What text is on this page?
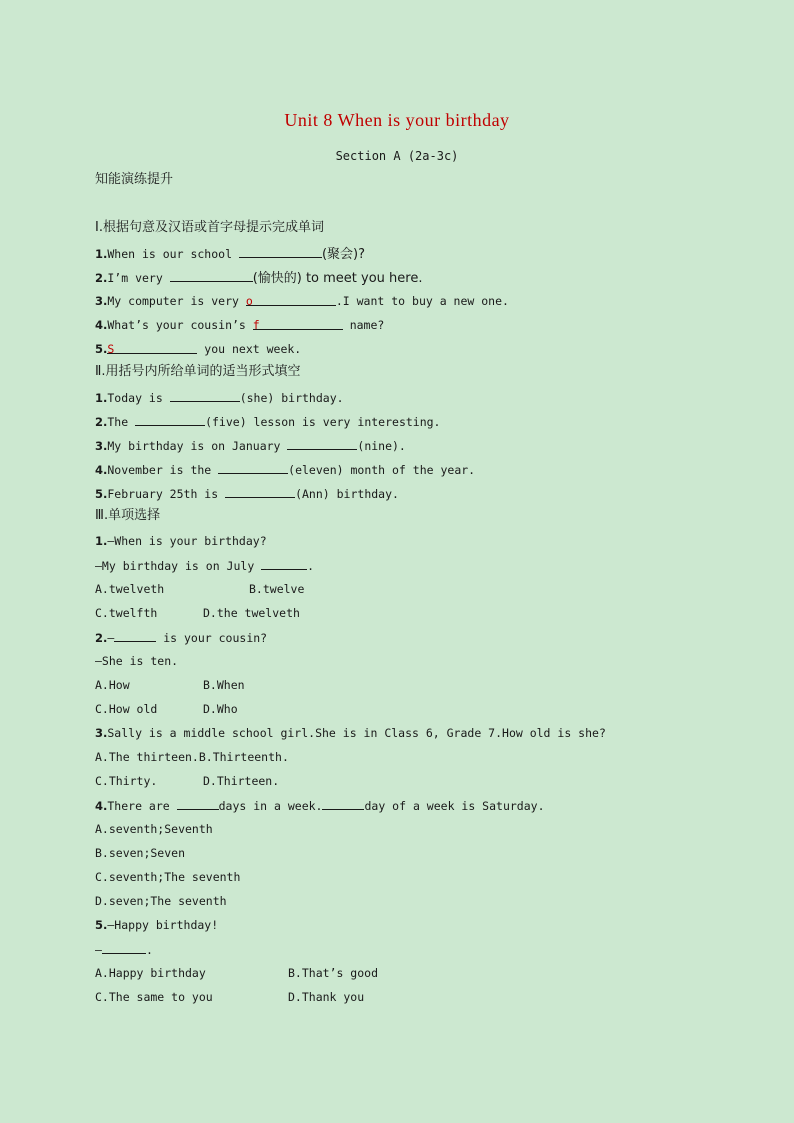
Unit 8 When is your birthday
Section A (2a-3c)
知能演练提升
Ⅰ.根据句意及汉语或首字母提示完成单词
1.When is our school	(聚会)?
2.I’m very	(愉快的) to meet you here.
3.My computer is very o	.I want to buy a new one.
4.What’s your cousin’s f	name?
5.S	you next week.
Ⅱ.用括号内所给单词的适当形式填空
1.Today is	(she) birthday.
2.The	(five) lesson is very interesting.
3.My birthday is on January	(nine).
4.November is the	(eleven) month of the year.
5.February 25th is	(Ann) birthday.
Ⅲ.单项选择
1.—When is your birthday?
—My birthday is on July	.
A.twelveth	B.twelve
C.twelfth	D.the twelveth
2.—	is your cousin?
—She is ten.
A.How	B.When
C.How old	D.Who
3.Sally is a middle school girl.She is in Class 6, Grade 7.How old is she?
A.The thirteen.B.Thirteenth.
C.Thirty.	D.Thirteen.
4.There are	days in a week.	day of a week is Saturday.
A.seventh;Seventh
B.seven;Seven
C.seventh;The seventh
D.seven;The seventh
5.—Happy birthday!
—	.
A.Happy birthday	B.That’s good
C.The same to you	D.Thank you
